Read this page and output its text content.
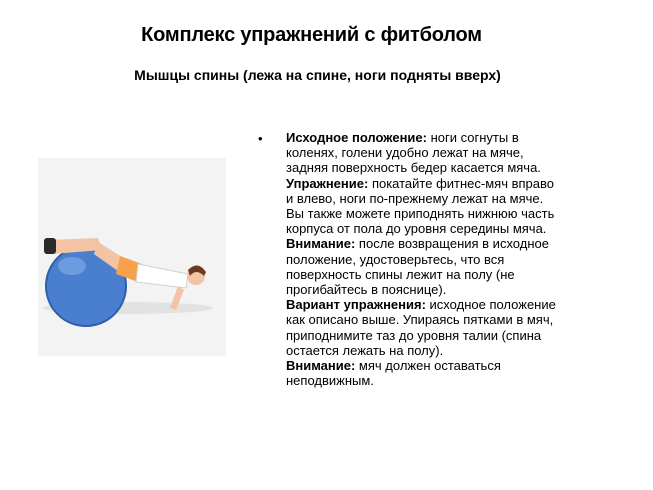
Комплекс упражнений с фитболом
Мышцы спины (лежа на спине, ноги подняты вверх)
• Исходное положение: ноги согнуты в
коленях, голени удобно лежат на мяче,
задняя поверхность бедер касается мяча.
Упражнение: покатайте фитнес-мяч вправо
и влево, ноги по-прежнему лежат на мяче.
Вы также можете приподнять нижнюю часть
корпуса от пола до уровня середины мяча.
Внимание: после возвращения в исходное
положение, удостоверьтесь, что вся
поверхность спины лежит на полу (не
прогибайтесь в пояснице).
Вариант упражнения: исходное положение
как описано выше. Упираясь пятками в мяч,
приподнимите таз до уровня талии (спина
остается лежать на полу).
Внимание: мяч должен оставаться
неподвижным.
